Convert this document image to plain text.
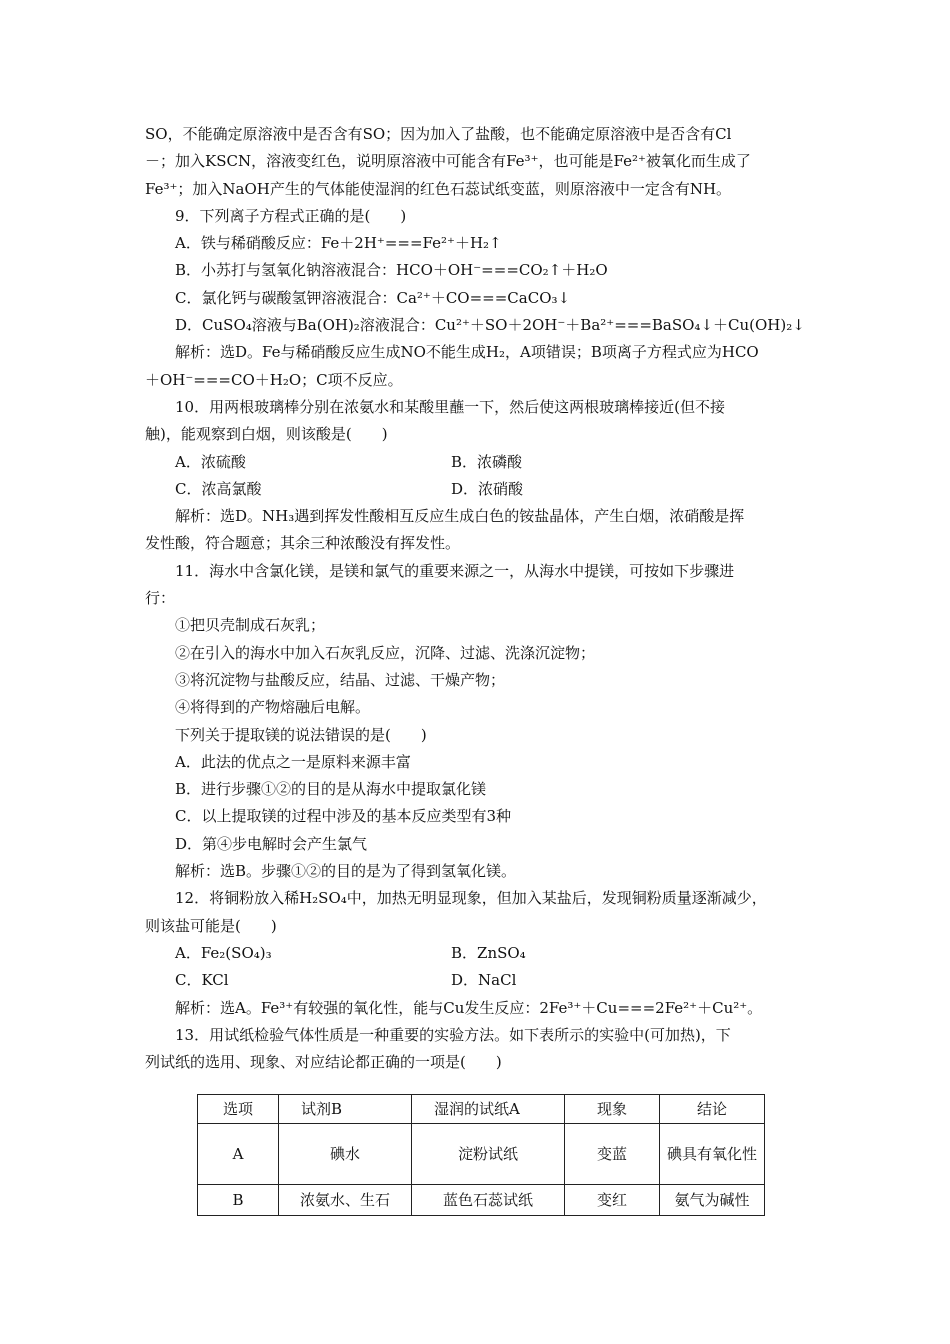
SO，不能确定原溶液中是否含有SO；因为加入了盐酸，也不能确定原溶液中是否含有Cl
－；加入KSCN，溶液变红色，说明原溶液中可能含有Fe³⁺，也可能是Fe²⁺被氧化而生成了
Fe³⁺；加入NaOH产生的气体能使湿润的红色石蕊试纸变蓝，则原溶液中一定含有NH。
9．下列离子方程式正确的是(　　)
A．铁与稀硝酸反应：Fe＋2H⁺===Fe²⁺＋H₂↑
B．小苏打与氢氧化钠溶液混合：HCO＋OH⁻===CO₂↑＋H₂O
C．氯化钙与碳酸氢钾溶液混合：Ca²⁺＋CO===CaCO₃↓
D．CuSO₄溶液与Ba(OH)₂溶液混合：Cu²⁺＋SO＋2OH⁻＋Ba²⁺===BaSO₄↓＋Cu(OH)₂↓
解析：选D。Fe与稀硝酸反应生成NO不能生成H₂，A项错误；B项离子方程式应为HCO
＋OH⁻===CO＋H₂O；C项不反应。
10．用两根玻璃棒分别在浓氨水和某酸里蘸一下，然后使这两根玻璃棒接近(但不接
触)，能观察到白烟，则该酸是(　　)
A．浓硫酸	B．浓磷酸
C．浓高氯酸	D．浓硝酸
解析：选D。NH₃遇到挥发性酸相互反应生成白色的铵盐晶体，产生白烟，浓硝酸是挥
发性酸，符合题意；其余三种浓酸没有挥发性。
11．海水中含氯化镁，是镁和氯气的重要来源之一，从海水中提镁，可按如下步骤进
行：
①把贝壳制成石灰乳；
②在引入的海水中加入石灰乳反应，沉降、过滤、洗涤沉淀物；
③将沉淀物与盐酸反应，结晶、过滤、干燥产物；
④将得到的产物熔融后电解。
下列关于提取镁的说法错误的是(　　)
A．此法的优点之一是原料来源丰富
B．进行步骤①②的目的是从海水中提取氯化镁
C．以上提取镁的过程中涉及的基本反应类型有3种
D．第④步电解时会产生氯气
解析：选B。步骤①②的目的是为了得到氢氧化镁。
12．将铜粉放入稀H₂SO₄中，加热无明显现象，但加入某盐后，发现铜粉质量逐渐减少，
则该盐可能是(　　)
A．Fe₂(SO₄)₃	B．ZnSO₄
C．KCl	D．NaCl
解析：选A。Fe³⁺有较强的氧化性，能与Cu发生反应：2Fe³⁺＋Cu===2Fe²⁺＋Cu²⁺。
13．用试纸检验气体性质是一种重要的实验方法。如下表所示的实验中(可加热)，下
列试纸的选用、现象、对应结论都正确的一项是(　　)
选项	试剂B	湿润的试纸A	现象	结论
A	碘水	淀粉试纸	变蓝	碘具有氧化性
B	浓氨水、生石	蓝色石蕊试纸	变红	氨气为碱性
